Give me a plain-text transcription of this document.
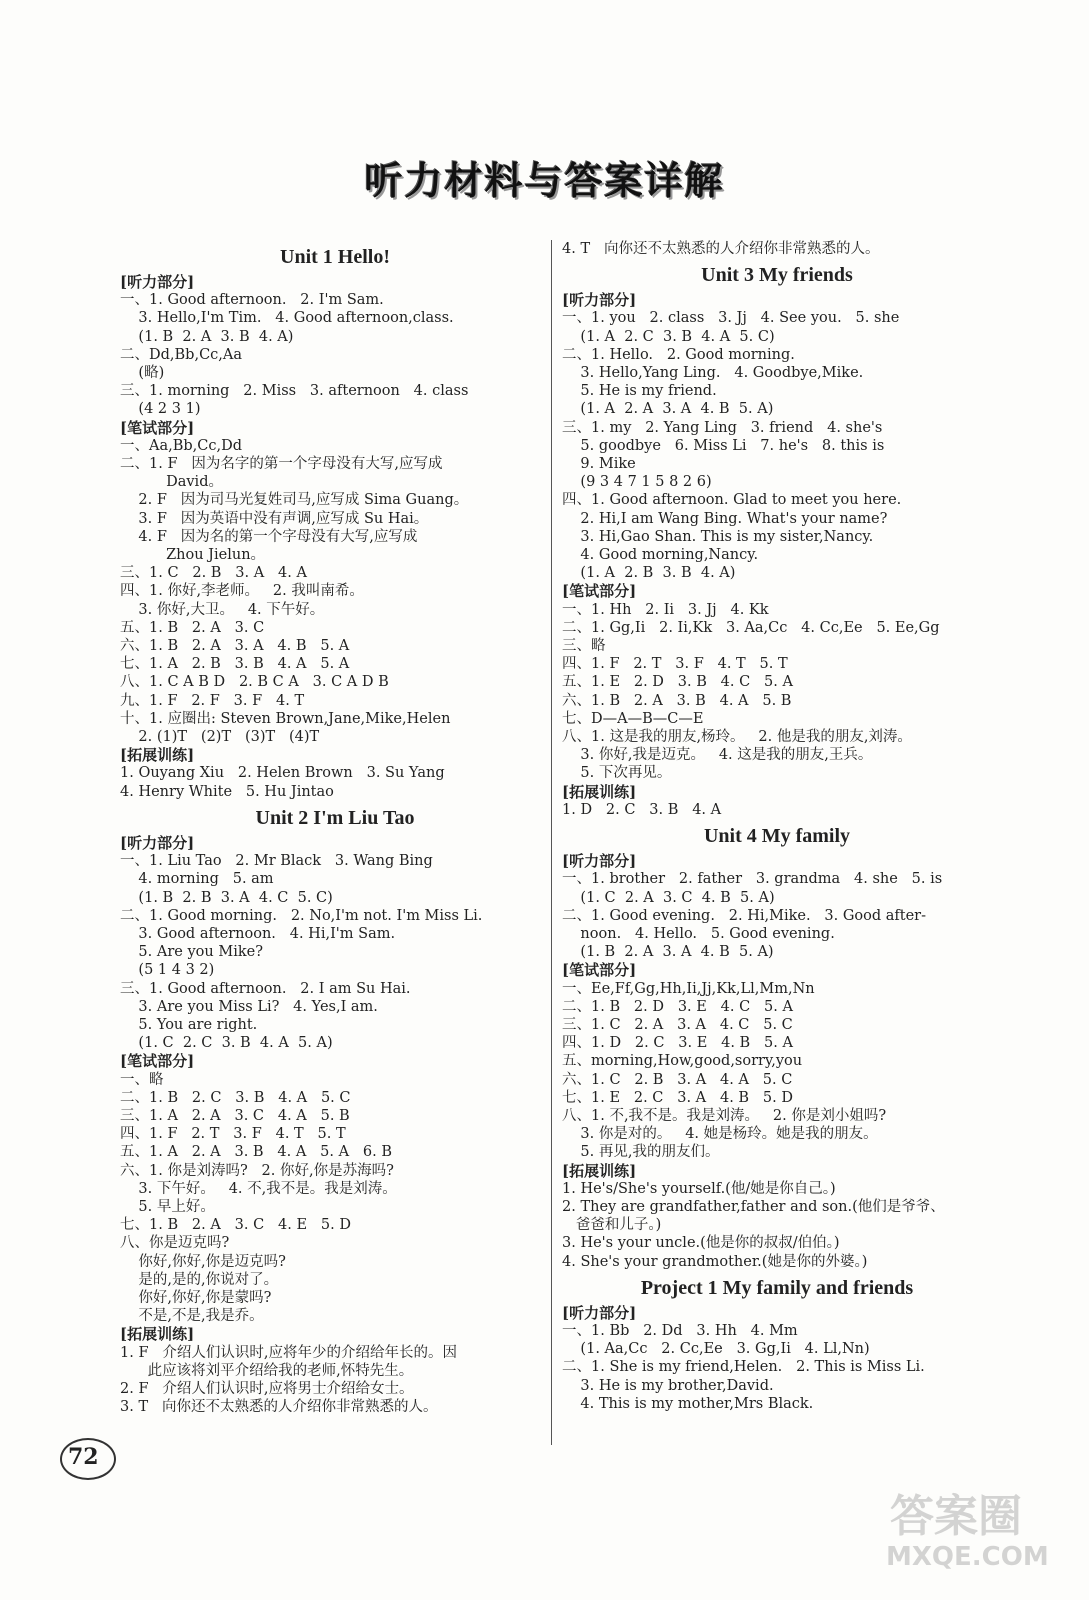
听力材料与答案详解
Unit 1 Hello!
[听力部分]
一、1. Good afternoon.   2. I'm Sam.
3. Hello,I'm Tim.   4. Good afternoon,class.
(1. B  2. A  3. B  4. A)
二、Dd,Bb,Cc,Aa
(略)
三、1. morning   2. Miss   3. afternoon   4. class
(4 2 3 1)
[笔试部分]
一、Aa,Bb,Cc,Dd
二、1. F   因为名字的第一个字母没有大写,应写成
David。
2. F   因为司马光复姓司马,应写成 Sima Guang。
3. F   因为英语中没有声调,应写成 Su Hai。
4. F   因为名的第一个字母没有大写,应写成
Zhou Jielun。
三、1. C   2. B   3. A   4. A
四、1. 你好,李老师。   2. 我叫南希。
3. 你好,大卫。   4. 下午好。
五、1. B   2. A   3. C
六、1. B   2. A   3. A   4. B   5. A
七、1. A   2. B   3. B   4. A   5. A
八、1. C A B D   2. B C A   3. C A D B
九、1. F   2. F   3. F   4. T
十、1. 应圈出: Steven Brown,Jane,Mike,Helen
2. (1)T   (2)T   (3)T   (4)T
[拓展训练]
1. Ouyang Xiu   2. Helen Brown   3. Su Yang
4. Henry White   5. Hu Jintao
Unit 2 I'm Liu Tao
[听力部分]
一、1. Liu Tao   2. Mr Black   3. Wang Bing
4. morning   5. am
(1. B  2. B  3. A  4. C  5. C)
二、1. Good morning.   2. No,I'm not. I'm Miss Li.
3. Good afternoon.   4. Hi,I'm Sam.
5. Are you Mike?
(5 1 4 3 2)
三、1. Good afternoon.   2. I am Su Hai.
3. Are you Miss Li?   4. Yes,I am.
5. You are right.
(1. C  2. C  3. B  4. A  5. A)
[笔试部分]
一、略
二、1. B   2. C   3. B   4. A   5. C
三、1. A   2. A   3. C   4. A   5. B
四、1. F   2. T   3. F   4. T   5. T
五、1. A   2. A   3. B   4. A   5. A   6. B
六、1. 你是刘涛吗?   2. 你好,你是苏海吗?
3. 下午好。   4. 不,我不是。我是刘涛。
5. 早上好。
七、1. B   2. A   3. C   4. E   5. D
八、你是迈克吗?
你好,你好,你是迈克吗?
是的,是的,你说对了。
你好,你好,你是蒙吗?
不是,不是,我是乔。
[拓展训练]
1. F   介绍人们认识时,应将年少的介绍给年长的。因
此应该将刘平介绍给我的老师,怀特先生。
2. F   介绍人们认识时,应将男士介绍给女士。
3. T   向你还不太熟悉的人介绍你非常熟悉的人。
4. T   向你还不太熟悉的人介绍你非常熟悉的人。
Unit 3 My friends
[听力部分]
一、1. you   2. class   3. Jj   4. See you.   5. she
(1. A  2. C  3. B  4. A  5. C)
二、1. Hello.   2. Good morning.
3. Hello,Yang Ling.   4. Goodbye,Mike.
5. He is my friend.
(1. A  2. A  3. A  4. B  5. A)
三、1. my   2. Yang Ling   3. friend   4. she's
5. goodbye   6. Miss Li   7. he's   8. this is
9. Mike
(9 3 4 7 1 5 8 2 6)
四、1. Good afternoon. Glad to meet you here.
2. Hi,I am Wang Bing. What's your name?
3. Hi,Gao Shan. This is my sister,Nancy.
4. Good morning,Nancy.
(1. A  2. B  3. B  4. A)
[笔试部分]
一、1. Hh   2. Ii   3. Jj   4. Kk
二、1. Gg,Ii   2. Ii,Kk   3. Aa,Cc   4. Cc,Ee   5. Ee,Gg
三、略
四、1. F   2. T   3. F   4. T   5. T
五、1. E   2. D   3. B   4. C   5. A
六、1. B   2. A   3. B   4. A   5. B
七、D—A—B—C—E
八、1. 这是我的朋友,杨玲。   2. 他是我的朋友,刘涛。
3. 你好,我是迈克。   4. 这是我的朋友,王兵。
5. 下次再见。
[拓展训练]
1. D   2. C   3. B   4. A
Unit 4 My family
[听力部分]
一、1. brother   2. father   3. grandma   4. she   5. is
(1. C  2. A  3. C  4. B  5. A)
二、1. Good evening.   2. Hi,Mike.   3. Good after-
noon.   4. Hello.   5. Good evening.
(1. B  2. A  3. A  4. B  5. A)
[笔试部分]
一、Ee,Ff,Gg,Hh,Ii,Jj,Kk,Ll,Mm,Nn
二、1. B   2. D   3. E   4. C   5. A
三、1. C   2. A   3. A   4. C   5. C
四、1. D   2. C   3. E   4. B   5. A
五、morning,How,good,sorry,you
六、1. C   2. B   3. A   4. A   5. C
七、1. E   2. C   3. A   4. B   5. D
八、1. 不,我不是。我是刘涛。   2. 你是刘小姐吗?
3. 你是对的。   4. 她是杨玲。她是我的朋友。
5. 再见,我的朋友们。
[拓展训练]
1. He's/She's yourself.(他/她是你自己。)
2. They are grandfather,father and son.(他们是爷爷、
爸爸和儿子。)
3. He's your uncle.(他是你的叔叔/伯伯。)
4. She's your grandmother.(她是你的外婆。)
Project 1 My family and friends
[听力部分]
一、1. Bb   2. Dd   3. Hh   4. Mm
(1. Aa,Cc   2. Cc,Ee   3. Gg,Ii   4. Ll,Nn)
二、1. She is my friend,Helen.   2. This is Miss Li.
3. He is my brother,David.
4. This is my mother,Mrs Black.
72
答案圈
MXQE.COM
